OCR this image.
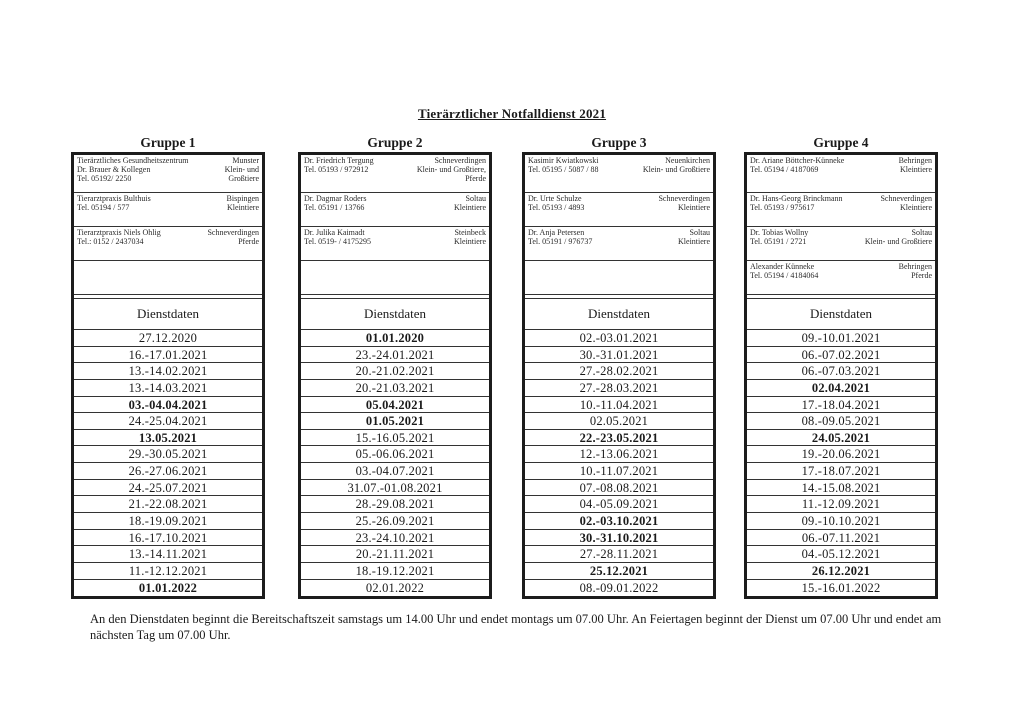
Tierärztlicher Notfalldienst 2021
Gruppe 1
Tierärztliches Gesundheitszentrum
Dr. Brauer & Kollegen
Tel. 05192/ 2250
Munster
Klein- und
Großtiere
Tierarztpraxis Bulthuis
Tel. 05194 / 577
Bispingen
Kleintiere
Tierarztpraxis Niels Ohlig
Tel.: 0152 / 2437034
Schneverdingen
Pferde
Dienstdaten
27.12.2020
16.-17.01.2021
13.-14.02.2021
13.-14.03.2021
03.-04.04.2021
24.-25.04.2021
13.05.2021
29.-30.05.2021
26.-27.06.2021
24.-25.07.2021
21.-22.08.2021
18.-19.09.2021
16.-17.10.2021
13.-14.11.2021
11.-12.12.2021
01.01.2022
Gruppe 2
Dr. Friedrich Tergung
Tel. 05193 / 972912
Schneverdingen
Klein- und Großtiere,
Pferde
Dr. Dagmar Roders
Tel. 05191 / 13766
Soltau
Kleintiere
Dr. Julika Kaimadt
Tel. 0519- / 4175295
Steinbeck
Kleintiere
Dienstdaten
01.01.2020
23.-24.01.2021
20.-21.02.2021
20.-21.03.2021
05.04.2021
01.05.2021
15.-16.05.2021
05.-06.06.2021
03.-04.07.2021
31.07.-01.08.2021
28.-29.08.2021
25.-26.09.2021
23.-24.10.2021
20.-21.11.2021
18.-19.12.2021
02.01.2022
Gruppe 3
Kasimir Kwiatkowski
Tel. 05195 / 5087 / 88
Neuenkirchen
Klein- und Großtiere
Dr. Urte Schulze
Tel. 05193 / 4893
Schneverdingen
Kleintiere
Dr. Anja Petersen
Tel. 05191 / 976737
Soltau
Kleintiere
Dienstdaten
02.-03.01.2021
30.-31.01.2021
27.-28.02.2021
27.-28.03.2021
10.-11.04.2021
02.05.2021
22.-23.05.2021
12.-13.06.2021
10.-11.07.2021
07.-08.08.2021
04.-05.09.2021
02.-03.10.2021
30.-31.10.2021
27.-28.11.2021
25.12.2021
08.-09.01.2022
Gruppe 4
Dr. Ariane Böttcher-Künneke
Tel. 05194 / 4187069
Behringen
Kleintiere
Dr. Hans-Georg Brinckmann
Tel. 05193 / 975617
Schneverdingen
Kleintiere
Dr. Tobias Wollny
Tel. 05191 / 2721
Soltau
Klein- und Großtiere
Alexander Künneke
Tel. 05194 / 4184064
Behringen
Pferde
Dienstdaten
09.-10.01.2021
06.-07.02.2021
06.-07.03.2021
02.04.2021
17.-18.04.2021
08.-09.05.2021
24.05.2021
19.-20.06.2021
17.-18.07.2021
14.-15.08.2021
11.-12.09.2021
09.-10.10.2021
06.-07.11.2021
04.-05.12.2021
26.12.2021
15.-16.01.2022
An den Dienstdaten beginnt die Bereitschaftszeit samstags um 14.00 Uhr und endet montags um 07.00 Uhr. An Feiertagen beginnt der Dienst um 07.00 Uhr und endet am nächsten Tag um 07.00 Uhr.
